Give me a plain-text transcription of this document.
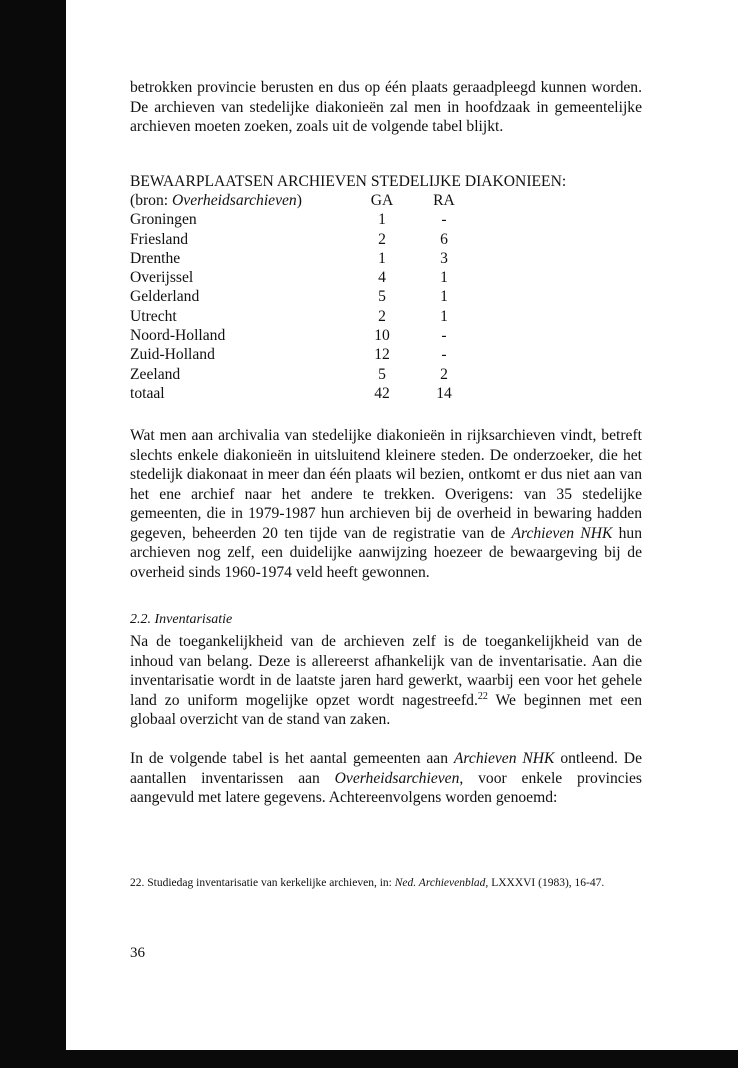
betrokken provincie berusten en dus op één plaats geraadpleegd kunnen worden. De archieven van stedelijke diakonieën zal men in hoofdzaak in gemeentelijke archieven moeten zoeken, zoals uit de volgende tabel blijkt.

BEWAARPLAATSEN ARCHIEVEN STEDELIJKE DIAKONIEEN:
(bron: Overheidsarchieven)	GA	RA
Groningen	1	-
Friesland	2	6
Drenthe	1	3
Overijssel	4	1
Gelderland	5	1
Utrecht	2	1
Noord-Holland	10	-
Zuid-Holland	12	-
Zeeland	5	2
totaal	42	14

Wat men aan archivalia van stedelijke diakonieën in rijksarchieven vindt, betreft slechts enkele diakonieën in uitsluitend kleinere steden. De onderzoeker, die het stedelijk diakonaat in meer dan één plaats wil bezien, ontkomt er dus niet aan van het ene archief naar het andere te trekken. Overigens: van 35 stedelijke gemeenten, die in 1979-1987 hun archieven bij de overheid in bewaring hadden gegeven, beheerden 20 ten tijde van de registratie van de Archieven NHK hun archieven nog zelf, een duidelijke aanwijzing hoezeer de bewaargeving bij de overheid sinds 1960-1974 veld heeft gewonnen.

2.2. Inventarisatie

Na de toegankelijkheid van de archieven zelf is de toegankelijkheid van de inhoud van belang. Deze is allereerst afhankelijk van de inventarisatie. Aan die inventarisatie wordt in de laatste jaren hard gewerkt, waarbij een voor het gehele land zo uniform mogelijke opzet wordt nagestreefd.$^{22}$ We beginnen met een globaal overzicht van de stand van zaken.

In de volgende tabel is het aantal gemeenten aan Archieven NHK ontleend. De aantallen inventarissen aan Overheidsarchieven, voor enkele provincies aangevuld met latere gegevens. Achtereenvolgens worden genoemd:

22. Studiedag inventarisatie van kerkelijke archieven, in: Ned. Archievenblad, LXXXVI (1983), 16-47.
36
